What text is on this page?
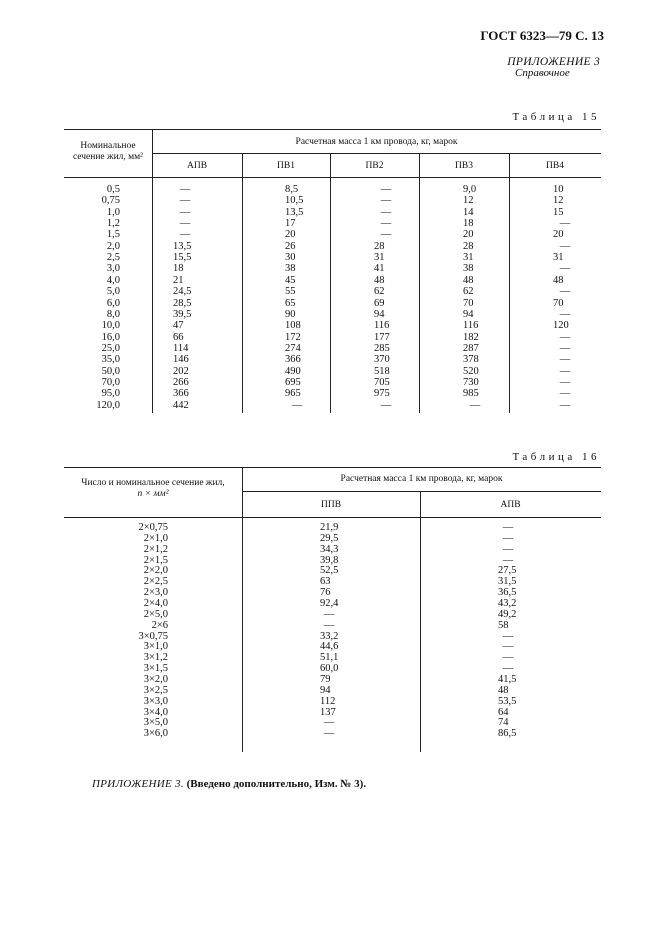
ГОСТ 6323—79 С. 13
ПРИЛОЖЕНИЕ 3
Справочное
Таблица 15
Номинальное сечение жил, мм²
Расчетная масса 1 км провода, кг, марок
АПВ	ПВ1	ПВ2	ПВ3	ПВ4
0,5	—	8,5	—	9,0	10
0,75	—	10,5	—	12	12
1,0	—	13,5	—	14	15
1,2	—	17	—	18	—
1,5	—	20	—	20	20
2,0	13,5	26	28	28	—
2,5	15,5	30	31	31	31
3,0	18	38	41	38	—
4,0	21	45	48	48	48
5,0	24,5	55	62	62	—
6,0	28,5	65	69	70	70
8,0	39,5	90	94	94	—
10,0	47	108	116	116	120
16,0	66	172	177	182	—
25,0	114	274	285	287	—
35,0	146	366	370	378	—
50,0	202	490	518	520	—
70,0	266	695	705	730	—
95,0	366	965	975	985	—
120,0	442	—	—	—	—
Таблица 16
Число и номинальное сечение жил,
n × мм²
Расчетная масса 1 км провода, кг, марок
ППВ	АПВ
2×0,75	21,9	—
2×1,0	29,5	—
2×1,2	34,3	—
2×1,5	39,8	—
2×2,0	52,5	27,5
2×2,5	63	31,5
2×3,0	76	36,5
2×4,0	92,4	43,2
2×5,0	—	49,2
2×6	—	58
3×0,75	33,2	—
3×1,0	44,6	—
3×1,2	51,1	—
3×1,5	60,0	—
3×2,0	79	41,5
3×2,5	94	48
3×3,0	112	53,5
3×4,0	137	64
3×5,0	—	74
3×6,0	—	86,5
ПРИЛОЖЕНИЕ 3. (Введено дополнительно, Изм. № 3).
